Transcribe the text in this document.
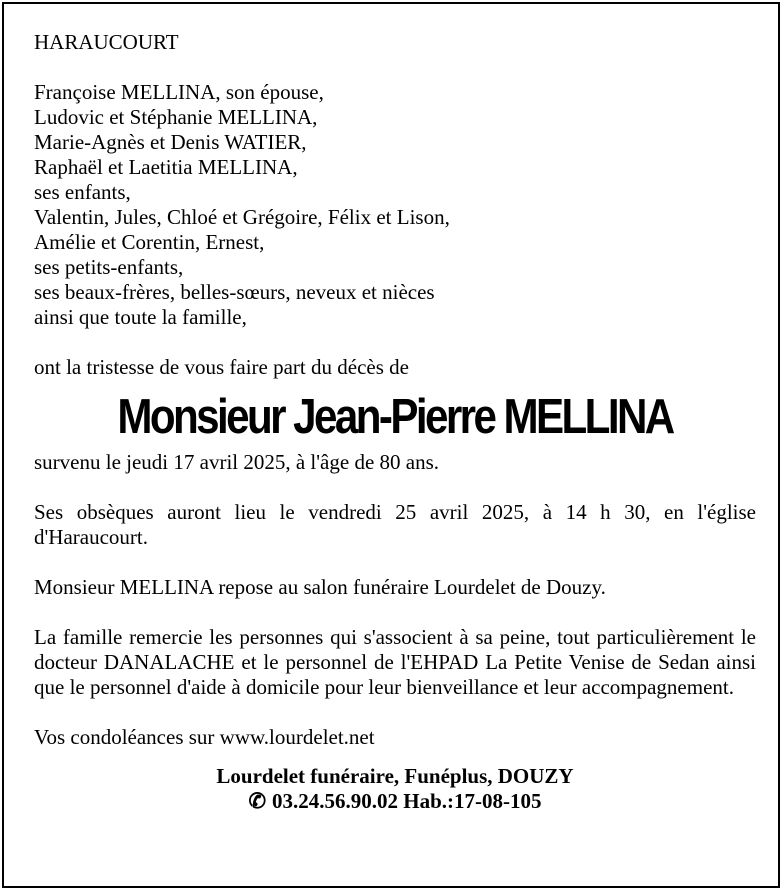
HARAUCOURT
Françoise MELLINA, son épouse,
Ludovic et Stéphanie MELLINA,
Marie-Agnès et Denis WATIER,
Raphaël et Laetitia MELLINA,
ses enfants,
Valentin, Jules, Chloé et Grégoire, Félix et Lison,
Amélie et Corentin, Ernest,
ses petits-enfants,
ses beaux-frères, belles-sœurs, neveux et nièces
ainsi que toute la famille,
ont la tristesse de vous faire part du décès de
Monsieur Jean-Pierre MELLINA
survenu le jeudi 17 avril 2025, à l'âge de 80 ans.
Ses obsèques auront lieu le vendredi 25 avril 2025, à 14 h 30, en l'église d'Haraucourt.
Monsieur MELLINA repose au salon funéraire Lourdelet de Douzy.
La famille remercie les personnes qui s'associent à sa peine, tout particulièrement le docteur DANALACHE et le personnel de l'EHPAD La Petite Venise de Sedan ainsi que le personnel d'aide à domicile pour leur bienveillance et leur accompagnement.
Vos condoléances sur www.lourdelet.net
Lourdelet funéraire, Funéplus, DOUZY
✆ 03.24.56.90.02 Hab.:17-08-105
